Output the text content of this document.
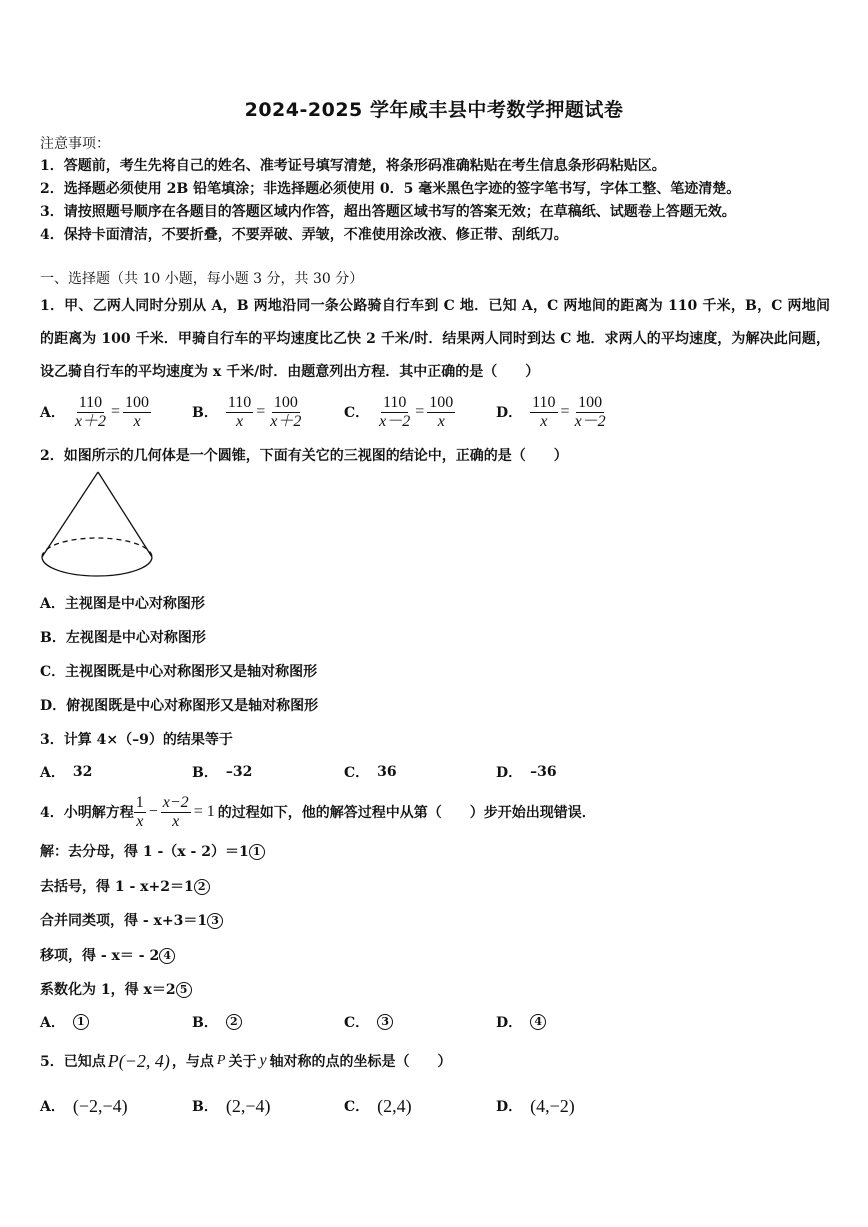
2024-2025 学年咸丰县中考数学押题试卷
注意事项：
1．答题前，考生先将自己的姓名、准考证号填写清楚，将条形码准确粘贴在考生信息条形码粘贴区。
2．选择题必须使用 2B 铅笔填涂；非选择题必须使用 0．5 毫米黑色字迹的签字笔书写，字体工整、笔迹清楚。
3．请按照题号顺序在各题目的答题区域内作答，超出答题区域书写的答案无效；在草稿纸、试题卷上答题无效。
4．保持卡面清洁，不要折叠，不要弄破、弄皱，不准使用涂改液、修正带、刮纸刀。
一、选择题（共 10 小题，每小题 3 分，共 30 分）
1．甲、乙两人同时分别从 A，B 两地沿同一条公路骑自行车到 C 地．已知 A，C 两地间的距离为 110 千米，B，C 两地间的距离为 100 千米．甲骑自行车的平均速度比乙快 2 千米/时．结果两人同时到达 C 地．求两人的平均速度，为解决此问题，设乙骑自行车的平均速度为 x 千米/时．由题意列出方程．其中正确的是（　　）
A． $\frac{110}{x+2} = \frac{100}{x}$	B． $\frac{110}{x} = \frac{100}{x+2}$	C． $\frac{110}{x-2} = \frac{100}{x}$	D． $\frac{110}{x} = \frac{100}{x-2}$
2．如图所示的几何体是一个圆锥，下面有关它的三视图的结论中，正确的是（　　）
A．主视图是中心对称图形
B．左视图是中心对称图形
C．主视图既是中心对称图形又是轴对称图形
D．俯视图既是中心对称图形又是轴对称图形
3．计算 4×（–9）的结果等于
A． 32	B． –32	C． 36	D． –36
4．小明解方程 $\frac{1}{x} - \frac{x-2}{x} = 1$ 的过程如下，他的解答过程中从第（　　）步开始出现错误．
解：去分母，得 1 -（x - 2）＝1 1
去括号，得 1 - x+2＝1 2
合并同类项，得 - x+3＝1 3
移项，得 - x＝ - 2 4
系数化为 1，得 x＝2 5
A．	1	B．	2	C．	3	D．	4
5．已知点 P(−2, 4) ，与点 P 关于 y 轴对称的点的坐标是（　　）
A． (−2,−4)	B． (2,−4)	C． (2,4)	D． (4,−2)
